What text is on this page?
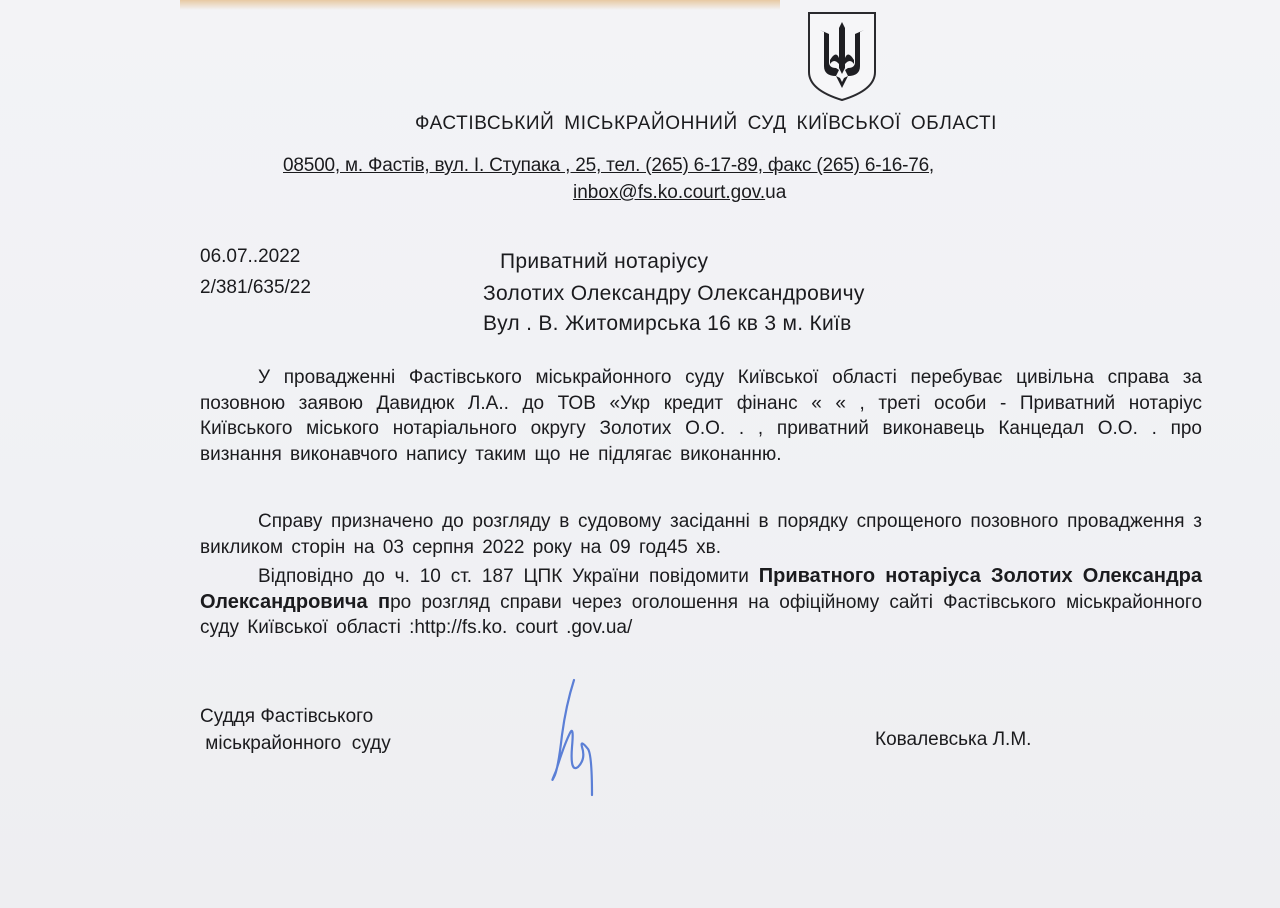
ФАСТІВСЬКИЙ МІСЬКРАЙОННИЙ СУД КИЇВСЬКОЇ ОБЛАСТІ
08500, м. Фастів, вул. І. Ступака , 25, тел. (265) 6-17-89, факс (265) 6-16-76,
inbox@fs.ko.court.gov.ua
06.07..2022
2/381/635/22
Приватний нотаріусу
Золотих Олександру Олександровичу
Вул . В. Житомирська 16 кв 3 м. Київ
У провадженні Фастівського міськрайонного суду Київської області перебуває цивільна справа за позовною заявою Давидюк Л.А.. до ТОВ «Укр кредит фінанс « « , треті особи - Приватний нотаріус Київського міського нотаріального округу Золотих О.О. . , приватний виконавець Канцедал О.О. . про визнання виконавчого напису таким що не підлягає виконанню.
Справу призначено до розгляду в судовому засіданні в порядку спрощеного позовного провадження з викликом сторін на 03 серпня 2022 року на 09 год45 хв.
Відповідно до ч. 10 ст. 187 ЦПК України повідомити Приватного нотаріуса Золотих Олександра Олександровича про розгляд справи через оголошення на офіційному сайті Фастівського міськрайонного суду Київської області :http://fs.ko. court .gov.ua/
Суддя Фастівського
міськрайонного  суду	Ковалевська Л.М.
